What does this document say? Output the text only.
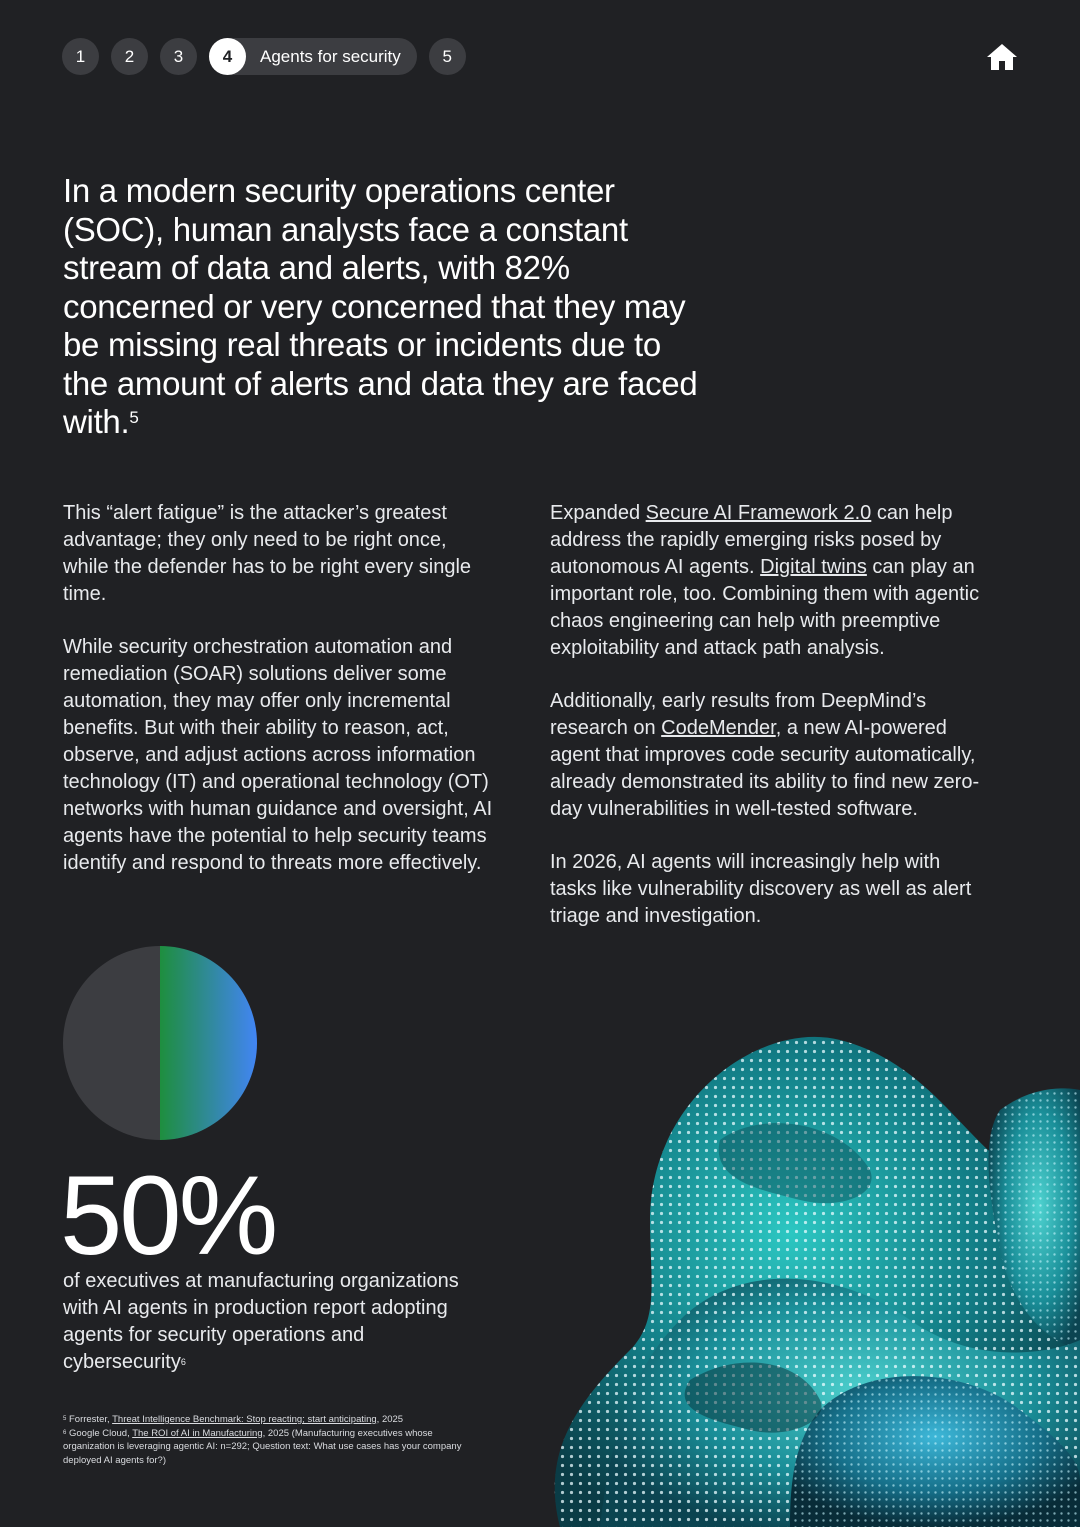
1 2 3	4	Agents for security 5
In a modern security operations center (SOC), human analysts face a constant stream of data and alerts, with 82% concerned or very concerned that they may be missing real threats or incidents due to the amount of alerts and data they are faced with.$^5$

This “alert fatigue” is the attacker’s greatest advantage; they only need to be right once, while the defender has to be right every single time.

While security orchestration automation and remediation (SOAR) solutions deliver some automation, they may offer only incremental benefits. But with their ability to reason, act, observe, and adjust actions across information technology (IT) and operational technology (OT) networks with human guidance and oversight, AI agents have the potential to help security teams identify and respond to threats more effectively.

Expanded Secure AI Framework 2.0 can help address the rapidly emerging risks posed by autonomous AI agents. Digital twins can play an important role, too. Combining them with agentic chaos engineering can help with preemptive exploitability and attack path analysis.

Additionally, early results from DeepMind’s research on CodeMender, a new AI-powered agent that improves code security automatically, already demonstrated its ability to find new zero-day vulnerabilities in well-tested software.

In 2026, AI agents will increasingly help with tasks like vulnerability discovery as well as alert triage and investigation.

50%
of executives at manufacturing organizations with AI agents in production report adopting agents for security operations and cybersecurity$^6$
$^5$ Forrester, Threat Intelligence Benchmark: Stop reacting; start anticipating, 2025
$^6$ Google Cloud, The ROI of AI in Manufacturing, 2025 (Manufacturing executives whose organization is leveraging agentic AI: n=292; Question text: What use cases has your company deployed AI agents for?)
